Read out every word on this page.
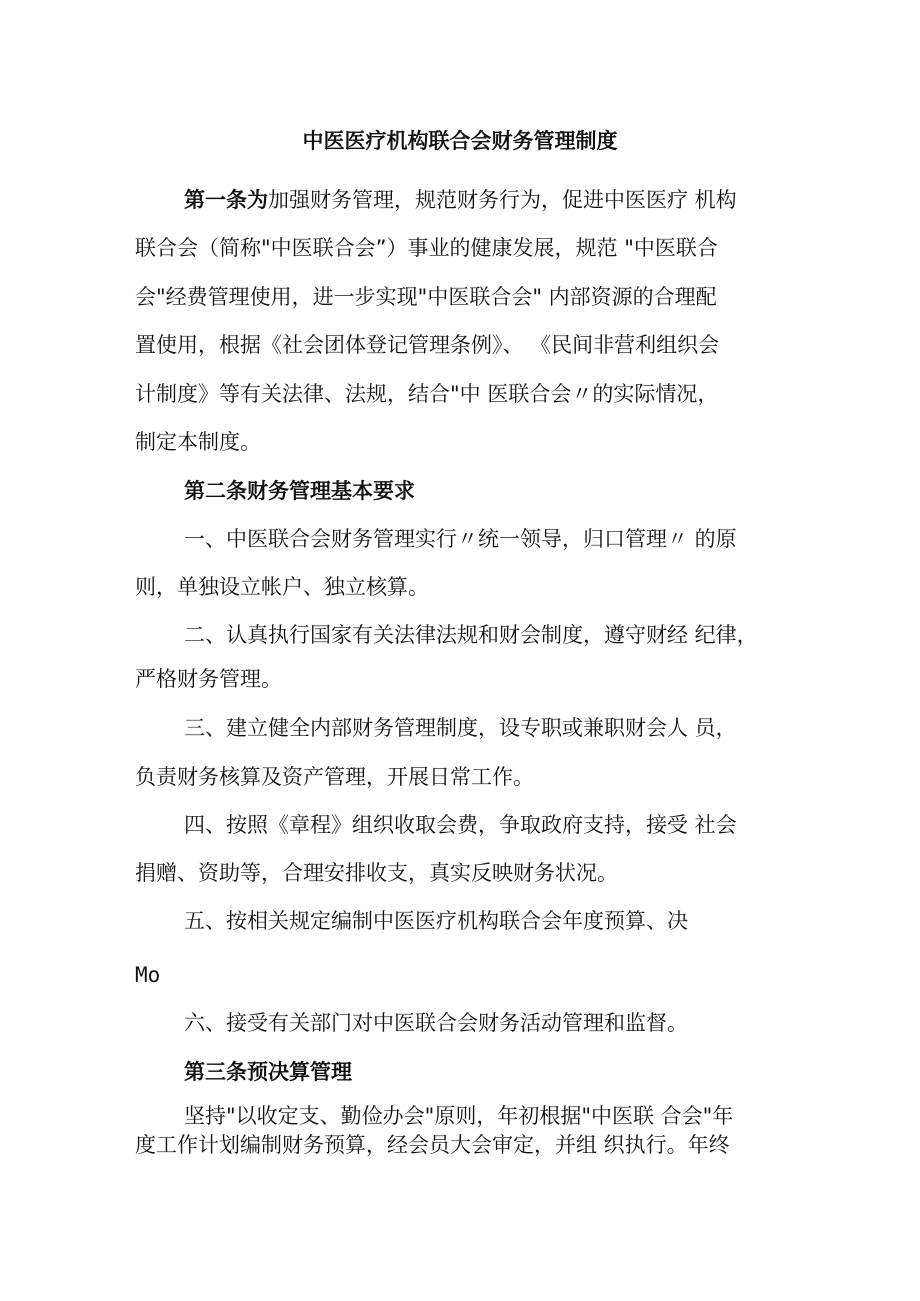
中医医疗机构联合会财务管理制度
第一条为加强财务管理，规范财务行为，促进中医医疗 机构
联合会（简称"中医联合会”）事业的健康发展，规范 "中医联合
会"经费管理使用，进一步实现"中医联合会" 内部资源的合理配
置使用，根据《社会团体登记管理条例》、 《民间非营利组织会
计制度》等有关法律、法规，结合"中 医联合会〃的实际情况，
制定本制度。
第二条财务管理基本要求
一、中医联合会财务管理实行〃统一领导，归口管理〃 的原
则，单独设立帐户、独立核算。
二、认真执行国家有关法律法规和财会制度，遵守财经 纪律，
严格财务管理。
三、建立健全内部财务管理制度，设专职或兼职财会人 员，
负责财务核算及资产管理，开展日常工作。
四、按照《章程》组织收取会费，争取政府支持，接受 社会
捐赠、资助等，合理安排收支，真实反映财务状况。
五、按相关规定编制中医医疗机构联合会年度预算、决
Mo
六、接受有关部门对中医联合会财务活动管理和监督。
第三条预决算管理
坚持"以收定支、勤俭办会"原则，年初根据"中医联 合会"年
度工作计划编制财务预算，经会员大会审定，并组 织执行。年终
